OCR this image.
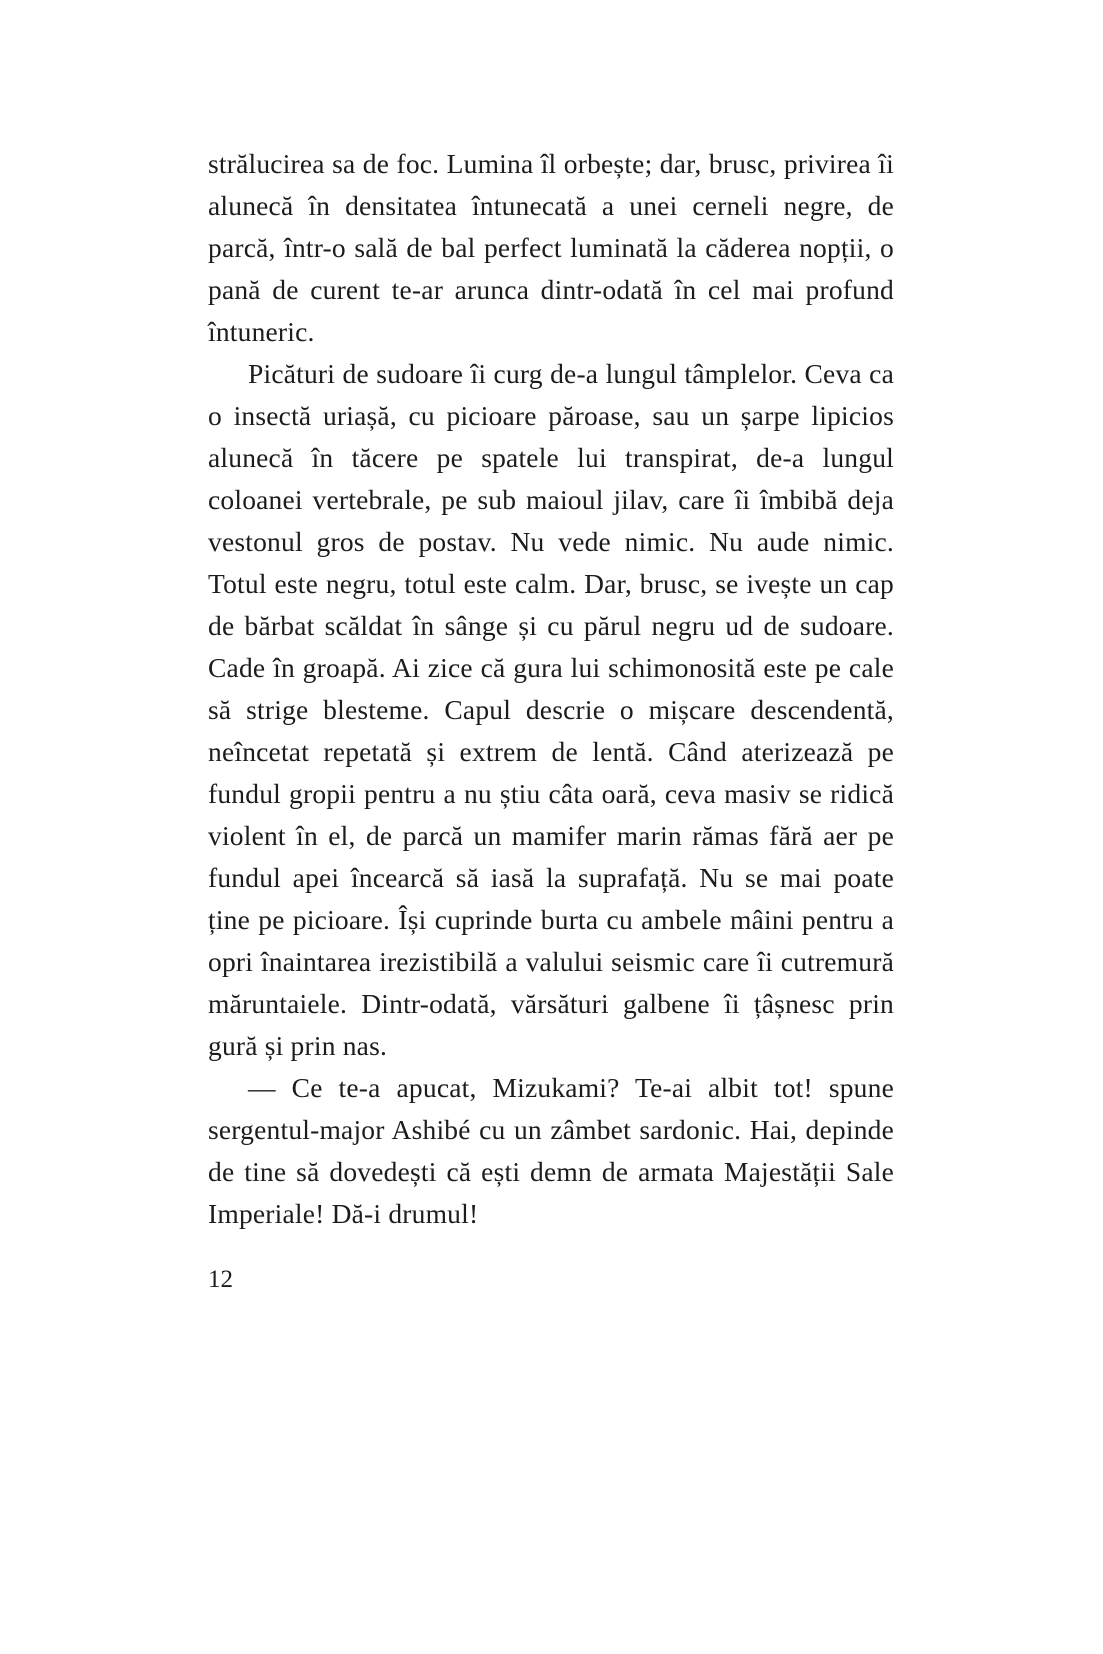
strălucirea sa de foc. Lumina îl orbește; dar, brusc, privirea îi alunecă în densitatea întunecată a unei cerneli negre, de parcă, într-o sală de bal perfect luminată la căderea nopții, o pană de curent te-ar arunca dintr-odată în cel mai profund întuneric.

Picături de sudoare îi curg de-a lungul tâmplelor. Ceva ca o insectă uriașă, cu picioare păroase, sau un șarpe lipicios alunecă în tăcere pe spatele lui transpirat, de-a lungul coloanei vertebrale, pe sub maioul jilav, care îi îmbibă deja vestonul gros de postav. Nu vede nimic. Nu aude nimic. Totul este negru, totul este calm. Dar, brusc, se ivește un cap de bărbat scăldat în sânge și cu părul negru ud de sudoare. Cade în groapă. Ai zice că gura lui schimonosită este pe cale să strige blesteme. Capul descrie o mișcare descendentă, neîncetat repetată și extrem de lentă. Când aterizează pe fundul gropii pentru a nu știu câta oară, ceva masiv se ridică violent în el, de parcă un mamifer marin rămas fără aer pe fundul apei încearcă să iasă la suprafață. Nu se mai poate ține pe picioare. Își cuprinde burta cu ambele mâini pentru a opri înaintarea irezistibilă a valului seismic care îi cutremură măruntaiele. Dintr-odată, vărsături galbene îi țâșnesc prin gură și prin nas.

— Ce te-a apucat, Mizukami? Te-ai albit tot! spune sergentul-major Ashibé cu un zâmbet sardonic. Hai, depinde de tine să dovedești că ești demn de armata Majestății Sale Imperiale! Dă-i drumul!

12
